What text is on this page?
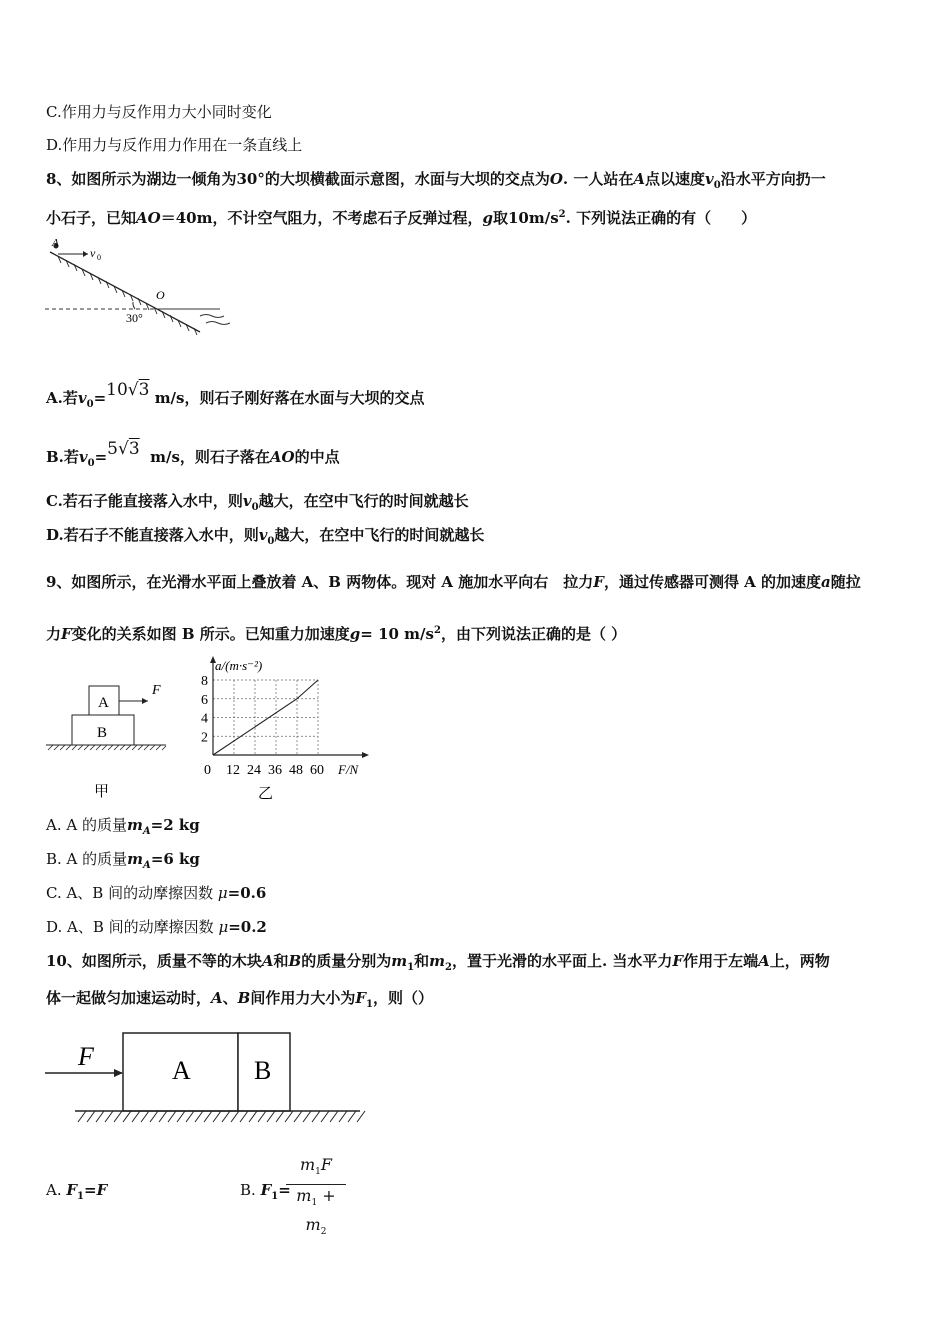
C.作用力与反作用力大小同时变化
D.作用力与反作用力作用在一条直线上
8、如图所示为湖边一倾角为30°的大坝横截面示意图，水面与大坝的交点为O. 一人站在A点以速度$v_0$沿水平方向扔一
小石子，已知AO＝40m，不计空气阻力，不考虑石子反弹过程，g取$10m/s^2$. 下列说法正确的有（　　）
A
v 0
O
30°
A.若$v_0=10√3$ m/s，则石子刚好落在水面与大坝的交点
B.若$v_0=5√3$ m/s，则石子落在AO的中点
C.若石子能直接落入水中，则$v_0$越大，在空中飞行的时间就越长
D.若石子不能直接落入水中，则$v_0$越大，在空中飞行的时间就越长
9、如图所示，在光滑水平面上叠放着 A、B 两物体。现对 A 施加水平向右　拉力F，通过传感器可测得 A 的加速度a随拉
力F变化的关系如图 B 所示。已知重力加速度g= 10 $m/s^2$，由下列说法正确的是（ ）
A
B
F
甲
0 12 24 36 48 60
2
4
6
8
a/(m·s⁻²)
F/N
乙
A. A 的质量$m_A=2$ kg
B. A 的质量$m_A=6$ kg
C. A、B 间的动摩擦因数 μ=0.6
D. A、B 间的动摩擦因数 μ=0.2
10、如图所示，质量不等的木块A和B的质量分别为$m_1$和$m_2$，置于光滑的水平面上. 当水平力F作用于左端A上，两物
体一起做匀加速运动时，A、B间作用力大小为$F_1$，则（）
F	A B
A. $F_1=F$	B. $F_1=$
$\frac{m_1F}{m_1 + m_2}$
